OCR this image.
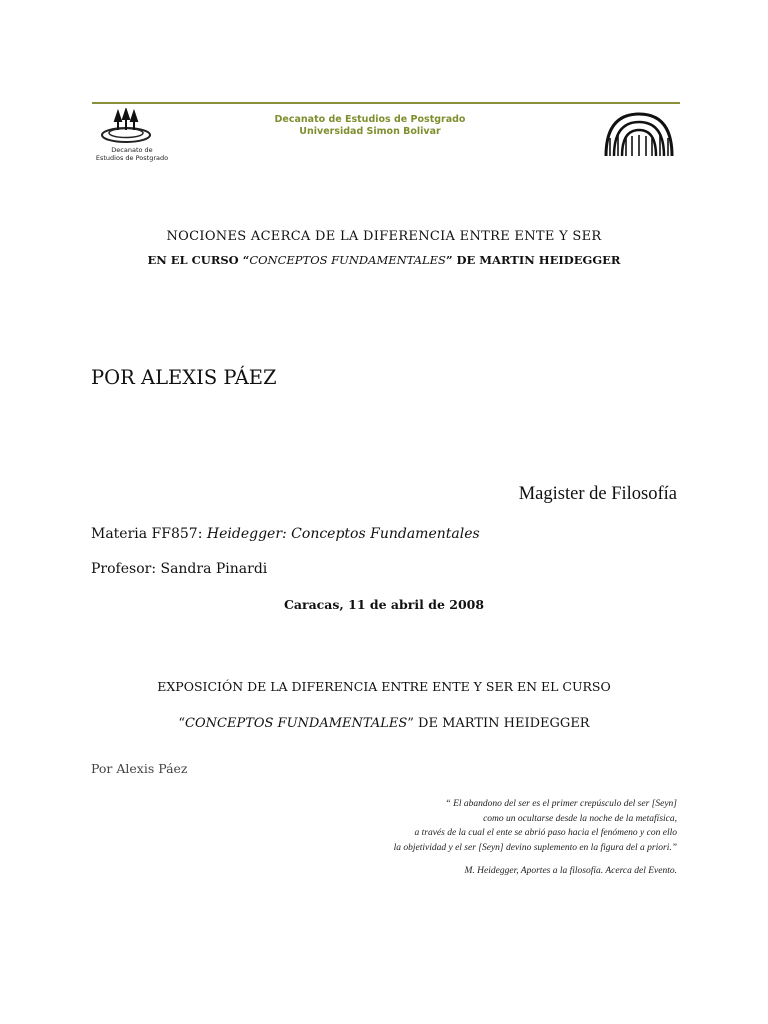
Decanato de
Estudios de Postgrado
Decanato de Estudios de Postgrado
Universidad Simon Bolivar
NOCIONES ACERCA DE LA DIFERENCIA ENTRE ENTE Y SER
EN EL CURSO “CONCEPTOS FUNDAMENTALES” DE MARTIN HEIDEGGER
POR ALEXIS PÁEZ
Magister de Filosofía
Materia FF857: Heidegger: Conceptos Fundamentales
Profesor: Sandra Pinardi
Caracas, 11 de abril de 2008
EXPOSICIÓN DE LA DIFERENCIA ENTRE ENTE Y SER EN EL CURSO
“CONCEPTOS FUNDAMENTALES” DE MARTIN HEIDEGGER
Por Alexis Páez
“ El abandono del ser es el primer crepúsculo del ser [Seyn]
como un ocultarse desde la noche de la metafísica,
a través de la cual el ente se abrió paso hacia el fenómeno y con ello
la objetividad y el ser [Seyn] devino suplemento en la figura del a priori.”
M. Heidegger, Aportes a la filosofía. Acerca del Evento.
